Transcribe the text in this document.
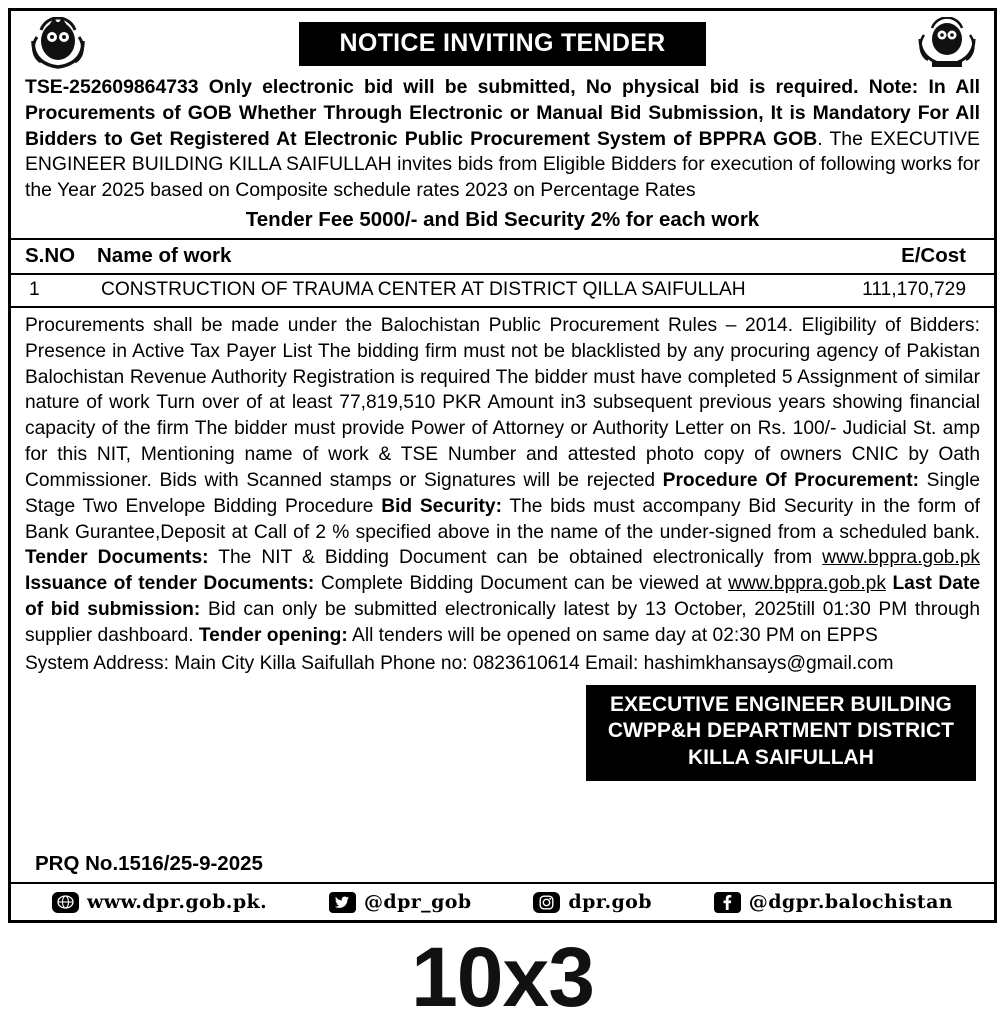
NOTICE INVITING TENDER
TSE-252609864733 Only electronic bid will be submitted, No physical bid is required. Note: In All Procurements of GOB Whether Through Electronic or Manual Bid Submission, It is Mandatory For All Bidders to Get Registered At Electronic Public Procurement System of BPPRA GOB. The EXECUTIVE ENGINEER BUILDING KILLA SAIFULLAH invites bids from Eligible Bidders for execution of following works for the Year 2025 based on Composite schedule rates 2023 on Percentage Rates
Tender Fee 5000/- and Bid Security 2% for each work
S.NO	Name of work	E/Cost
1	CONSTRUCTION OF TRAUMA CENTER AT DISTRICT QILLA SAIFULLAH	111,170,729
Procurements shall be made under the Balochistan Public Procurement Rules – 2014. Eligibility of Bidders: Presence in Active Tax Payer List The bidding firm must not be blacklisted by any procuring agency of Pakistan Balochistan Revenue Authority Registration is required The bidder must have completed 5 Assignment of similar nature of work Turn over of at least 77,819,510 PKR Amount in3 subsequent previous years showing financial capacity of the firm The bidder must provide Power of Attorney or Authority Letter on Rs. 100/- Judicial St. amp for this NIT, Mentioning name of work & TSE Number and attested photo copy of owners CNIC by Oath Commissioner. Bids with Scanned stamps or Signatures will be rejected Procedure Of Procurement: Single Stage Two Envelope Bidding Procedure Bid Security: The bids must accompany Bid Security in the form of Bank Gurantee,Deposit at Call of 2 % specified above in the name of the under-signed from a scheduled bank. Tender Documents: The NIT & Bidding Document can be obtained electronically from www.bppra.gob.pk Issuance of tender Documents: Complete Bidding Document can be viewed at www.bppra.gob.pk Last Date of bid submission: Bid can only be submitted electronically latest by 13 October, 2025till 01:30 PM through supplier dashboard. Tender opening: All tenders will be opened on same day at 02:30 PM on EPPS
System Address: Main City Killa Saifullah Phone no: 0823610614 Email: hashimkhansays@gmail.com
EXECUTIVE ENGINEER BUILDING
CWPP&H DEPARTMENT DISTRICT
KILLA SAIFULLAH
PRQ No.1516/25-9-2025
www.dpr.gob.pk.	@dpr_gob	dpr.gob	@dgpr.balochistan
10x3
